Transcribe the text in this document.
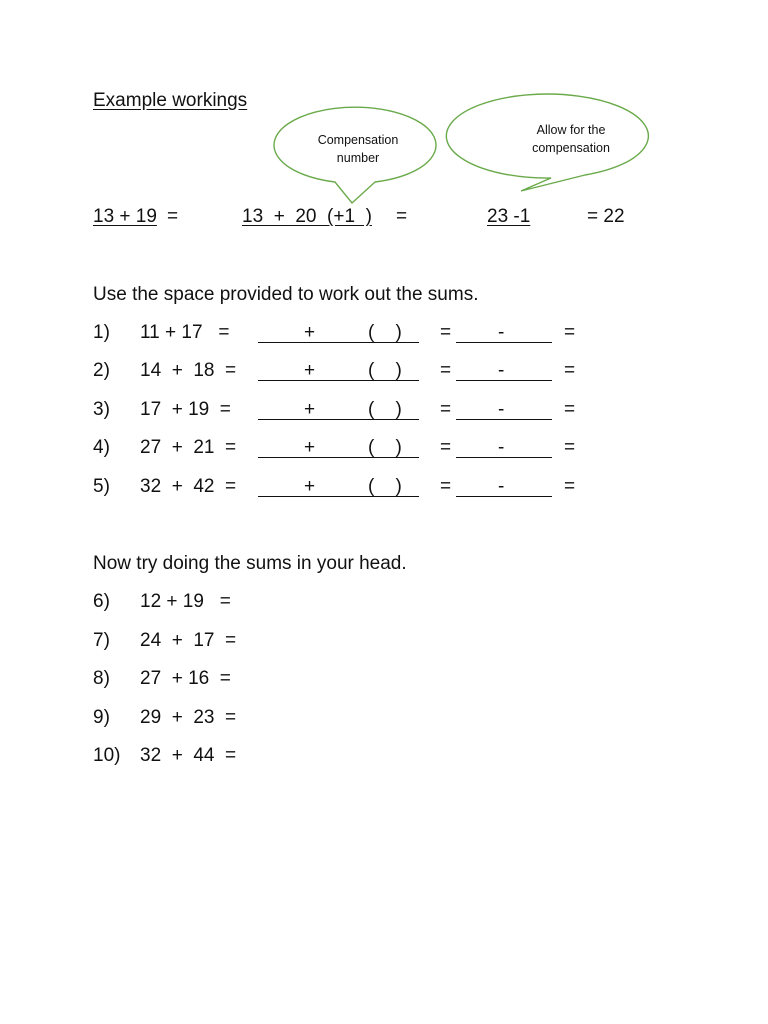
Example workings
Compensation
number
Allow for the
compensation
13 + 19 =	13  +  20  (+1  ) =	23 -1	= 22
Use the space provided to work out the sums.
1) 11 + 17   =	+	(    ) = -	=
2) 14  +  18  =	+	(    ) = -	=
3) 17  + 19  =	+	(    ) = -	=
4) 27  +  21  =	+	(    ) = -	=
5) 32  +  42  =	+	(    ) = -	=
Now try doing the sums in your head.
6) 12 + 19   =
7) 24  +  17  =
8) 27  + 16  =
9) 29  +  23  =
10) 32  +  44  =
